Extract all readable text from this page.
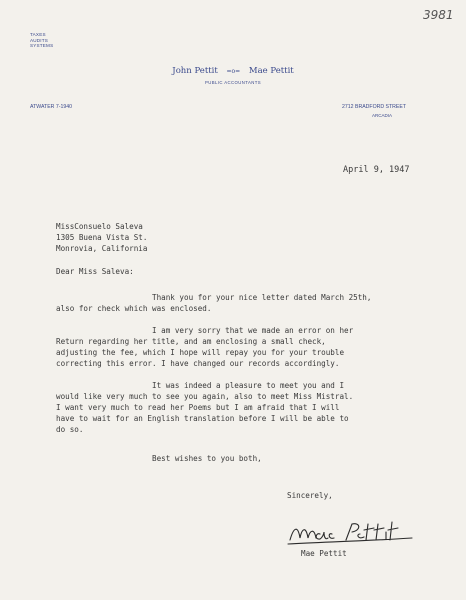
3981
TAXES
AUDITS
SYSTEMS
John Pettit =o= Mae Pettit
PUBLIC ACCOUNTANTS
ATWATER 7-1940	2712 BRADFORD STREET
ARCADIA
April 9, 1947
MissConsuelo Saleva
1305 Buena Vista St.
Monrovia, California
Dear Miss Saleva:
Thank you for your nice letter dated March 25th,
also for check which was enclosed.
I am very sorry that we made an error on her
Return regarding her title, and am enclosing a small check,
adjusting the fee, which I hope will repay you for your trouble
correcting this error. I have changed our records accordingly.
It was indeed a pleasure to meet you and I
would like very much to see you again, also to meet Miss Mistral.
I want very much to read her Poems but I am afraid that I will
have to wait for an English translation before I will be able to
do so.
Best wishes to you both,
Sincerely,
Mae Pettit
